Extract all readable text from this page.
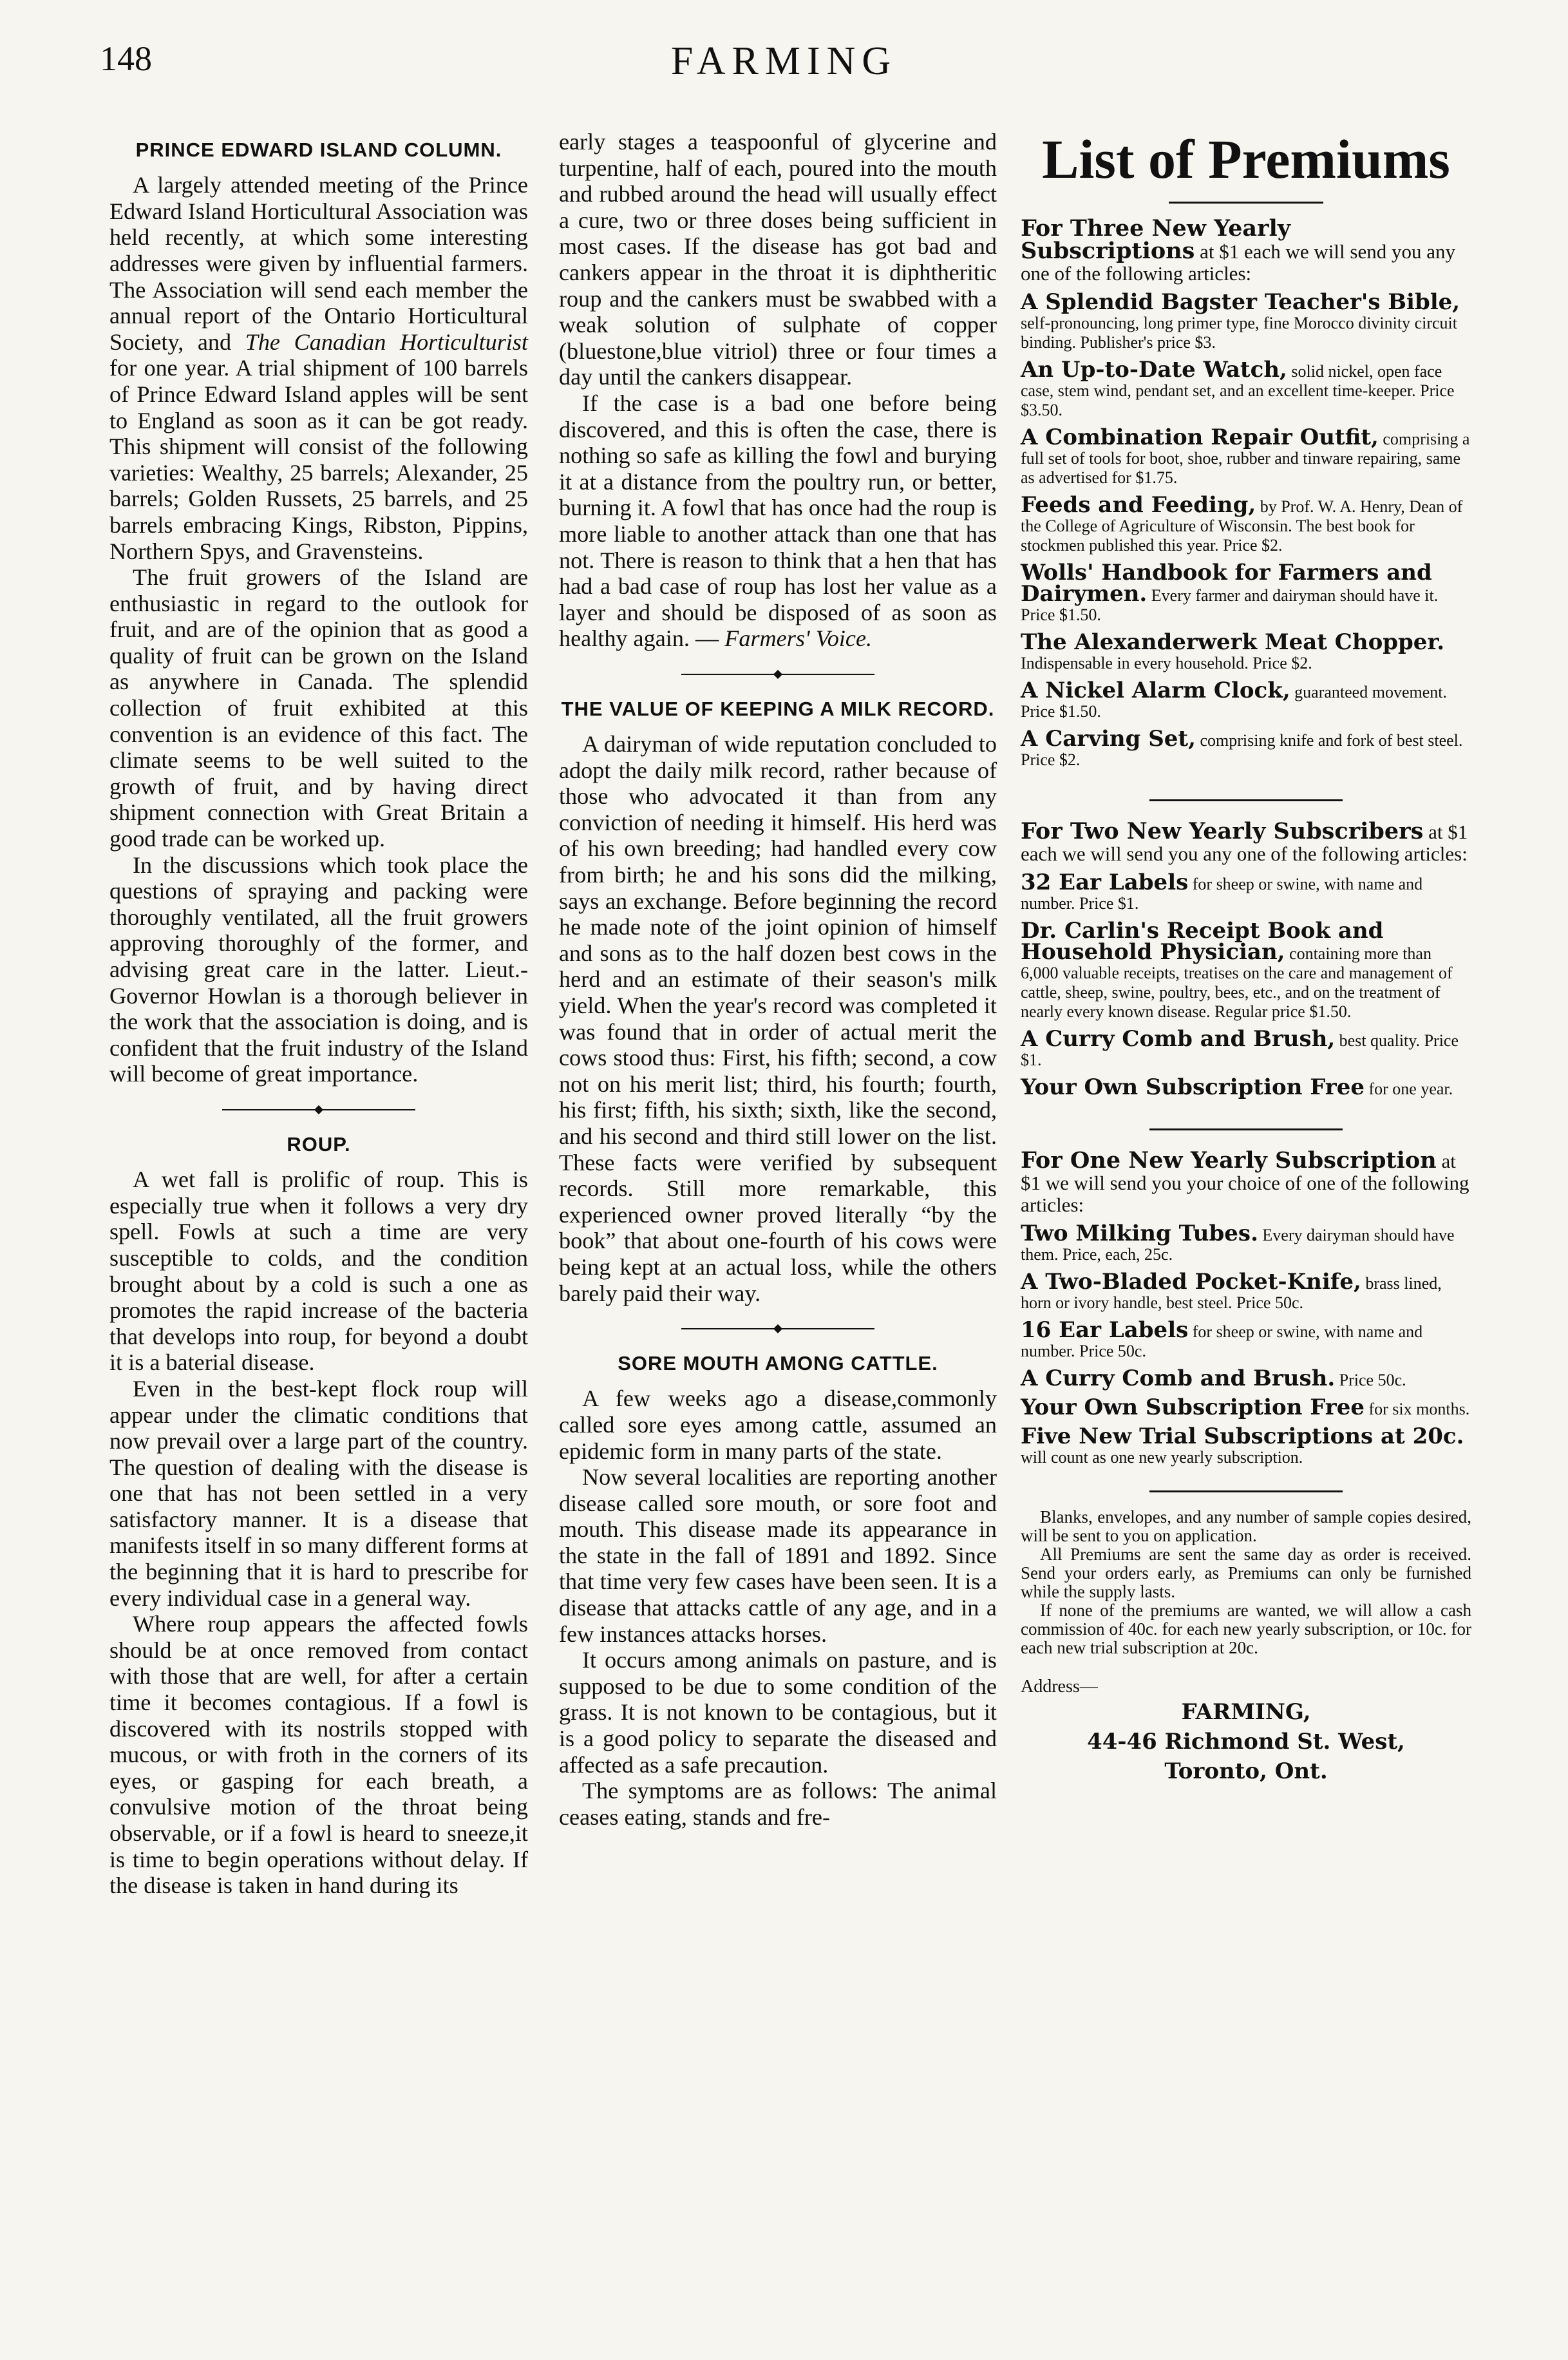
148	FARMING
PRINCE EDWARD ISLAND COLUMN.

A largely attended meeting of the Prince Edward Island Horticultural Association was held recently, at which some interesting addresses were given by influential farmers. The Association will send each member the annual report of the Ontario Horticultural Society, and The Canadian Horticulturist for one year. A trial shipment of 100 barrels of Prince Edward Island apples will be sent to England as soon as it can be got ready. This shipment will consist of the following varieties: Wealthy, 25 barrels; Alexander, 25 barrels; Golden Russets, 25 barrels, and 25 barrels embracing Kings, Ribston, Pippins, Northern Spys, and Gravensteins.

The fruit growers of the Island are enthusiastic in regard to the outlook for fruit, and are of the opinion that as good a quality of fruit can be grown on the Island as anywhere in Canada. The splendid collection of fruit exhibited at this convention is an evidence of this fact. The climate seems to be well suited to the growth of fruit, and by having direct shipment connection with Great Britain a good trade can be worked up.

In the discussions which took place the questions of spraying and packing were thoroughly ventilated, all the fruit growers approving thoroughly of the former, and advising great care in the latter. Lieut.-Governor Howlan is a thorough believer in the work that the association is doing, and is confident that the fruit industry of the Island will become of great importance.

ROUP.

A wet fall is prolific of roup. This is especially true when it follows a very dry spell. Fowls at such a time are very susceptible to colds, and the condition brought about by a cold is such a one as promotes the rapid increase of the bacteria that develops into roup, for beyond a doubt it is a baterial disease.

Even in the best-kept flock roup will appear under the climatic conditions that now prevail over a large part of the country. The question of dealing with the disease is one that has not been settled in a very satisfactory manner. It is a disease that manifests itself in so many different forms at the beginning that it is hard to prescribe for every individual case in a general way.

Where roup appears the affected fowls should be at once removed from contact with those that are well, for after a certain time it becomes contagious. If a fowl is discovered with its nostrils stopped with mucous, or with froth in the corners of its eyes, or gasping for each breath, a convulsive motion of the throat being observable, or if a fowl is heard to sneeze,it is time to begin operations without delay. If the disease is taken in hand during its

early stages a teaspoonful of glycerine and turpentine, half of each, poured into the mouth and rubbed around the head will usually effect a cure, two or three doses being sufficient in most cases. If the disease has got bad and cankers appear in the throat it is diphtheritic roup and the cankers must be swabbed with a weak solution of sulphate of copper (bluestone,blue vitriol) three or four times a day until the cankers disappear.

If the case is a bad one before being discovered, and this is often the case, there is nothing so safe as killing the fowl and burying it at a distance from the poultry run, or better, burning it. A fowl that has once had the roup is more liable to another attack than one that has not. There is reason to think that a hen that has had a bad case of roup has lost her value as a layer and should be disposed of as soon as healthy again. — Farmers' Voice.

THE VALUE OF KEEPING A MILK RECORD.

A dairyman of wide reputation concluded to adopt the daily milk record, rather because of those who advocated it than from any conviction of needing it himself. His herd was of his own breeding; had handled every cow from birth; he and his sons did the milking, says an exchange. Before beginning the record he made note of the joint opinion of himself and sons as to the half dozen best cows in the herd and an estimate of their season's milk yield. When the year's record was completed it was found that in order of actual merit the cows stood thus: First, his fifth; second, a cow not on his merit list; third, his fourth; fourth, his first; fifth, his sixth; sixth, like the second, and his second and third still lower on the list. These facts were verified by subsequent records. Still more remarkable, this experienced owner proved literally “by the book” that about one-fourth of his cows were being kept at an actual loss, while the others barely paid their way.

SORE MOUTH AMONG CATTLE.

A few weeks ago a disease,commonly called sore eyes among cattle, assumed an epidemic form in many parts of the state.

Now several localities are reporting another disease called sore mouth, or sore foot and mouth. This disease made its appearance in the state in the fall of 1891 and 1892. Since that time very few cases have been seen. It is a disease that attacks cattle of any age, and in a few instances attacks horses.

It occurs among animals on pasture, and is supposed to be due to some condition of the grass. It is not known to be contagious, but it is a good policy to separate the diseased and affected as a safe precaution.

The symptoms are as follows: The animal ceases eating, stands and fre-

List of Premiums
For Three New Yearly Subscriptions at $1 each we will send you any one of the following articles:

A Splendid Bagster Teacher's Bible, self-pronouncing, long primer type, fine Morocco divinity circuit binding. Publisher's price $3.

An Up-to-Date Watch, solid nickel, open face case, stem wind, pendant set, and an excellent time-keeper. Price $3.50.

A Combination Repair Outfit, comprising a full set of tools for boot, shoe, rubber and tinware repairing, same as advertised for $1.75.

Feeds and Feeding, by Prof. W. A. Henry, Dean of the College of Agriculture of Wisconsin. The best book for stockmen published this year. Price $2.

Wolls' Handbook for Farmers and Dairymen. Every farmer and dairyman should have it. Price $1.50.

The Alexanderwerk Meat Chopper. Indispensable in every household. Price $2.

A Nickel Alarm Clock, guaranteed movement. Price $1.50.

A Carving Set, comprising knife and fork of best steel. Price $2.

For Two New Yearly Subscribers at $1 each we will send you any one of the following articles:

32 Ear Labels for sheep or swine, with name and number. Price $1.

Dr. Carlin's Receipt Book and Household Physician, containing more than 6,000 valuable receipts, treatises on the care and management of cattle, sheep, swine, poultry, bees, etc., and on the treatment of nearly every known disease. Regular price $1.50.

A Curry Comb and Brush, best quality. Price $1.

Your Own Subscription Free for one year.

For One New Yearly Subscription at $1 we will send you your choice of one of the following articles:

Two Milking Tubes. Every dairyman should have them. Price, each, 25c.

A Two-Bladed Pocket-Knife, brass lined, horn or ivory handle, best steel. Price 50c.

16 Ear Labels for sheep or swine, with name and number. Price 50c.

A Curry Comb and Brush. Price 50c.

Your Own Subscription Free for six months.

Five New Trial Subscriptions at 20c. will count as one new yearly subscription.

Blanks, envelopes, and any number of sample copies desired, will be sent to you on application.

All Premiums are sent the same day as order is received. Send your orders early, as Premiums can only be furnished while the supply lasts.

If none of the premiums are wanted, we will allow a cash commission of 40c. for each new yearly subscription, or 10c. for each new trial subscription at 20c.

Address—
FARMING,
44-46 Richmond St. West,
Toronto, Ont.
